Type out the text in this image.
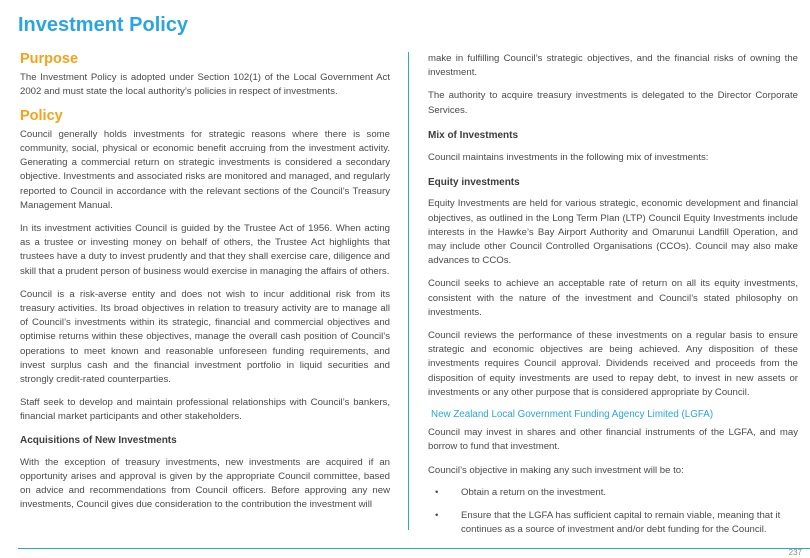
Investment Policy
Purpose

The Investment Policy is adopted under Section 102(1) of the Local Government Act 2002 and must state the local authority’s policies in respect of investments.

Policy

Council generally holds investments for strategic reasons where there is some community, social, physical or economic benefit accruing from the investment activity. Generating a commercial return on strategic investments is considered a secondary objective. Investments and associated risks are monitored and managed, and regularly reported to Council in accordance with the relevant sections of the Council’s Treasury Management Manual.

In its investment activities Council is guided by the Trustee Act of 1956. When acting as a trustee or investing money on behalf of others, the Trustee Act highlights that trustees have a duty to invest prudently and that they shall exercise care, diligence and skill that a prudent person of business would exercise in managing the affairs of others.

Council is a risk-averse entity and does not wish to incur additional risk from its treasury activities. Its broad objectives in relation to treasury activity are to manage all of Council’s investments within its strategic, financial and commercial objectives and optimise returns within these objectives, manage the overall cash position of Council’s operations to meet known and reasonable unforeseen funding requirements, and invest surplus cash and the financial investment portfolio in liquid securities and strongly credit-rated counterparties.

Staff seek to develop and maintain professional relationships with Council’s bankers, financial market participants and other stakeholders.

Acquisitions of New Investments

With the exception of treasury investments, new investments are acquired if an opportunity arises and approval is given by the appropriate Council committee, based on advice and recommendations from Council officers. Before approving any new investments, Council gives due consideration to the contribution the investment will

make in fulfilling Council’s strategic objectives, and the financial risks of owning the investment.

The authority to acquire treasury investments is delegated to the Director Corporate Services.

Mix of Investments

Council maintains investments in the following mix of investments:

Equity investments

Equity Investments are held for various strategic, economic development and financial objectives, as outlined in the Long Term Plan (LTP) Council Equity Investments include interests in the Hawke’s Bay Airport Authority and Omarunui Landfill Operation, and may include other Council Controlled Organisations (CCOs). Council may also make advances to CCOs.

Council seeks to achieve an acceptable rate of return on all its equity investments, consistent with the nature of the investment and Council’s stated philosophy on investments.

Council reviews the performance of these investments on a regular basis to ensure strategic and economic objectives are being achieved. Any disposition of these investments requires Council approval. Dividends received and proceeds from the disposition of equity investments are used to repay debt, to invest in new assets or investments or any other purpose that is considered appropriate by Council.

New Zealand Local Government Funding Agency Limited (LGFA)

Council may invest in shares and other financial instruments of the LGFA, and may borrow to fund that investment.

Council’s objective in making any such investment will be to:

• Obtain a return on the investment.
• Ensure that the LGFA has sufficient capital to remain viable, meaning that it continues as a source of investment and/or debt funding for the Council.
237
